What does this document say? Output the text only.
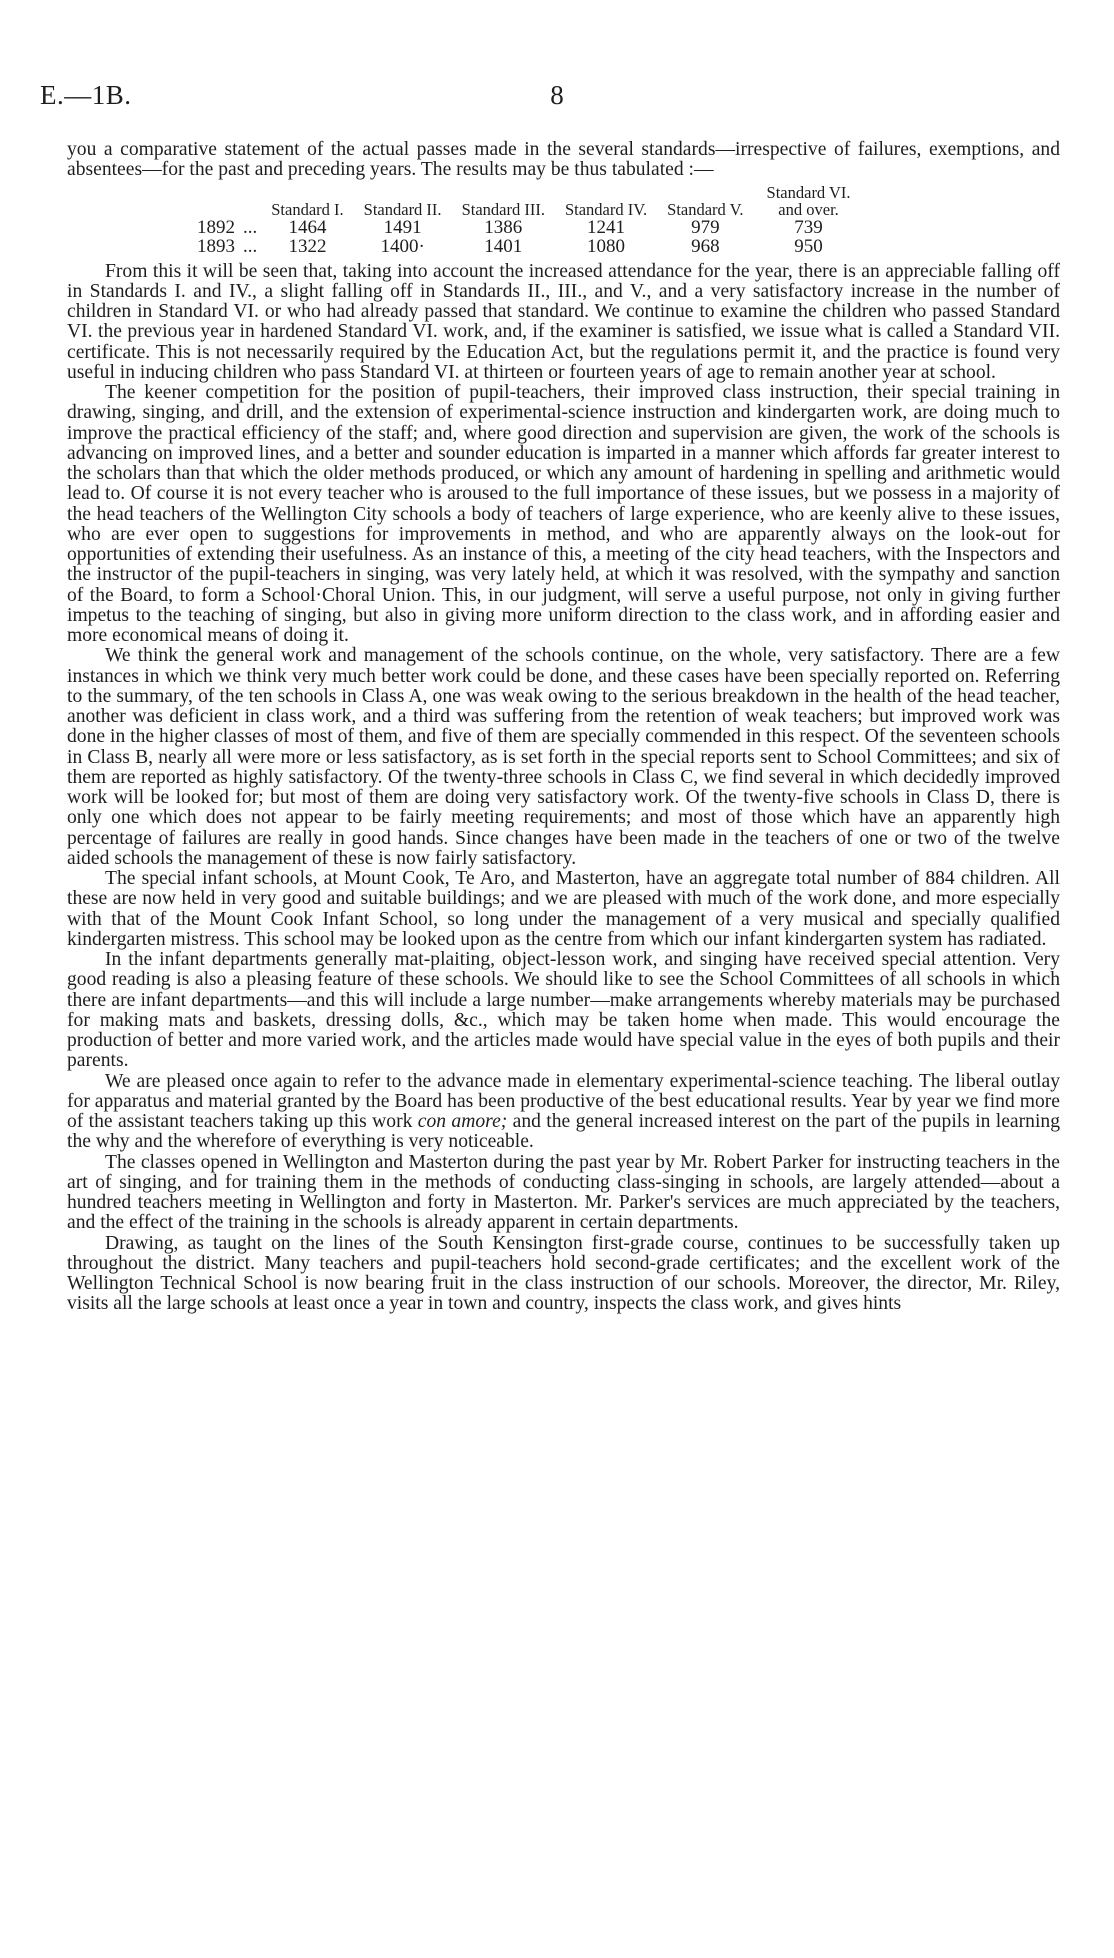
E.—1B.	8

you a comparative statement of the actual passes made in the several standards—irrespective of failures, exemptions, and absentees—for the past and preceding years. The results may be thus tabulated :—

		Standard I.	Standard II.	Standard III.	Standard IV.	Standard V.	Standard VI. and over.
1892	...	1464	1491	1386	1241	979	739
1893	...	1322	1400·	1401	1080	968	950

From this it will be seen that, taking into account the increased attendance for the year, there is an appreciable falling off in Standards I. and IV., a slight falling off in Standards II., III., and V., and a very satisfactory increase in the number of children in Standard VI. or who had already passed that standard. We continue to examine the children who passed Standard VI. the previous year in hardened Standard VI. work, and, if the examiner is satisfied, we issue what is called a Standard VII. certificate. This is not necessarily required by the Education Act, but the regulations permit it, and the practice is found very useful in inducing children who pass Standard VI. at thirteen or fourteen years of age to remain another year at school.

The keener competition for the position of pupil-teachers, their improved class instruction, their special training in drawing, singing, and drill, and the extension of experimental-science instruction and kindergarten work, are doing much to improve the practical efficiency of the staff; and, where good direction and supervision are given, the work of the schools is advancing on improved lines, and a better and sounder education is imparted in a manner which affords far greater interest to the scholars than that which the older methods produced, or which any amount of hardening in spelling and arithmetic would lead to. Of course it is not every teacher who is aroused to the full importance of these issues, but we possess in a majority of the head teachers of the Wellington City schools a body of teachers of large experience, who are keenly alive to these issues, who are ever open to suggestions for improvements in method, and who are apparently always on the look-out for opportunities of extending their usefulness. As an instance of this, a meeting of the city head teachers, with the Inspectors and the instructor of the pupil-teachers in singing, was very lately held, at which it was resolved, with the sympathy and sanction of the Board, to form a School·Choral Union. This, in our judgment, will serve a useful purpose, not only in giving further impetus to the teaching of singing, but also in giving more uniform direction to the class work, and in affording easier and more economical means of doing it.

We think the general work and management of the schools continue, on the whole, very satisfactory. There are a few instances in which we think very much better work could be done, and these cases have been specially reported on. Referring to the summary, of the ten schools in Class A, one was weak owing to the serious breakdown in the health of the head teacher, another was deficient in class work, and a third was suffering from the retention of weak teachers; but improved work was done in the higher classes of most of them, and five of them are specially commended in this respect. Of the seventeen schools in Class B, nearly all were more or less satisfactory, as is set forth in the special reports sent to School Committees; and six of them are reported as highly satisfactory. Of the twenty-three schools in Class C, we find several in which decidedly improved work will be looked for; but most of them are doing very satisfactory work. Of the twenty-five schools in Class D, there is only one which does not appear to be fairly meeting requirements; and most of those which have an apparently high percentage of failures are really in good hands. Since changes have been made in the teachers of one or two of the twelve aided schools the management of these is now fairly satisfactory.

The special infant schools, at Mount Cook, Te Aro, and Masterton, have an aggregate total number of 884 children. All these are now held in very good and suitable buildings; and we are pleased with much of the work done, and more especially with that of the Mount Cook Infant School, so long under the management of a very musical and specially qualified kindergarten mistress. This school may be looked upon as the centre from which our infant kindergarten system has radiated.

In the infant departments generally mat-plaiting, object-lesson work, and singing have received special attention. Very good reading is also a pleasing feature of these schools. We should like to see the School Committees of all schools in which there are infant departments—and this will include a large number—make arrangements whereby materials may be purchased for making mats and baskets, dressing dolls, &c., which may be taken home when made. This would encourage the production of better and more varied work, and the articles made would have special value in the eyes of both pupils and their parents.

We are pleased once again to refer to the advance made in elementary experimental-science teaching. The liberal outlay for apparatus and material granted by the Board has been productive of the best educational results. Year by year we find more of the assistant teachers taking up this work con amore; and the general increased interest on the part of the pupils in learning the why and the wherefore of everything is very noticeable.

The classes opened in Wellington and Masterton during the past year by Mr. Robert Parker for instructing teachers in the art of singing, and for training them in the methods of conducting class-singing in schools, are largely attended—about a hundred teachers meeting in Wellington and forty in Masterton. Mr. Parker's services are much appreciated by the teachers, and the effect of the training in the schools is already apparent in certain departments.

Drawing, as taught on the lines of the South Kensington first-grade course, continues to be successfully taken up throughout the district. Many teachers and pupil-teachers hold second-grade certificates; and the excellent work of the Wellington Technical School is now bearing fruit in the class instruction of our schools. Moreover, the director, Mr. Riley, visits all the large schools at least once a year in town and country, inspects the class work, and gives hints
